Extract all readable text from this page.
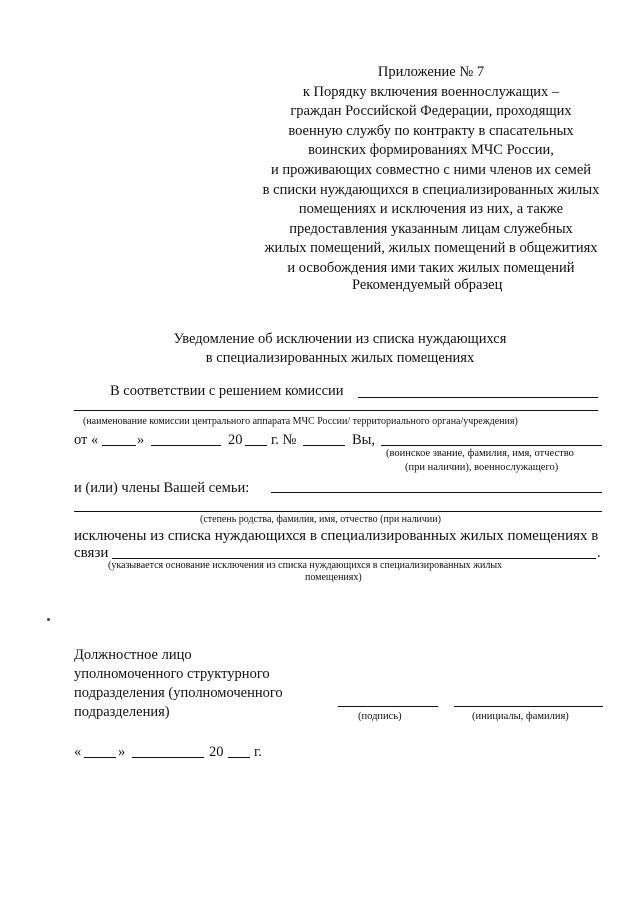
Приложение № 7
к Порядку включения военнослужащих –
граждан Российской Федерации, проходящих
военную службу по контракту в спасательных
воинских формированиях МЧС России,
и проживающих совместно с ними членов их семей
в списки нуждающихся в специализированных жилых
помещениях и исключения из них, а также
предоставления указанным лицам служебных
жилых помещений, жилых помещений в общежитиях
и освобождения ими таких жилых помещений
Рекомендуемый образец
Уведомление об исключении из списка нуждающихся
в специализированных жилых помещениях
В соответствии с решением комиссии
(наименование комиссии центрального аппарата МЧС России/ территориального органа/учреждения)
от «	»	20 г. №	Вы,
(воинское звание, фамилия, имя, отчество
(при наличии), военнослужащего)
и (или) члены Вашей семьи:
(степень родства, фамилия, имя, отчество (при наличии)
исключены из списка нуждающихся в специализированных жилых помещениях в
связи	.
(указывается основание исключения из списка нуждающихся в специализированных жилых
помещениях)
Должностное лицо
уполномоченного структурного
подразделения (уполномоченного
подразделения)	(подпись)	(инициалы, фамилия)
«	»	20 г.
